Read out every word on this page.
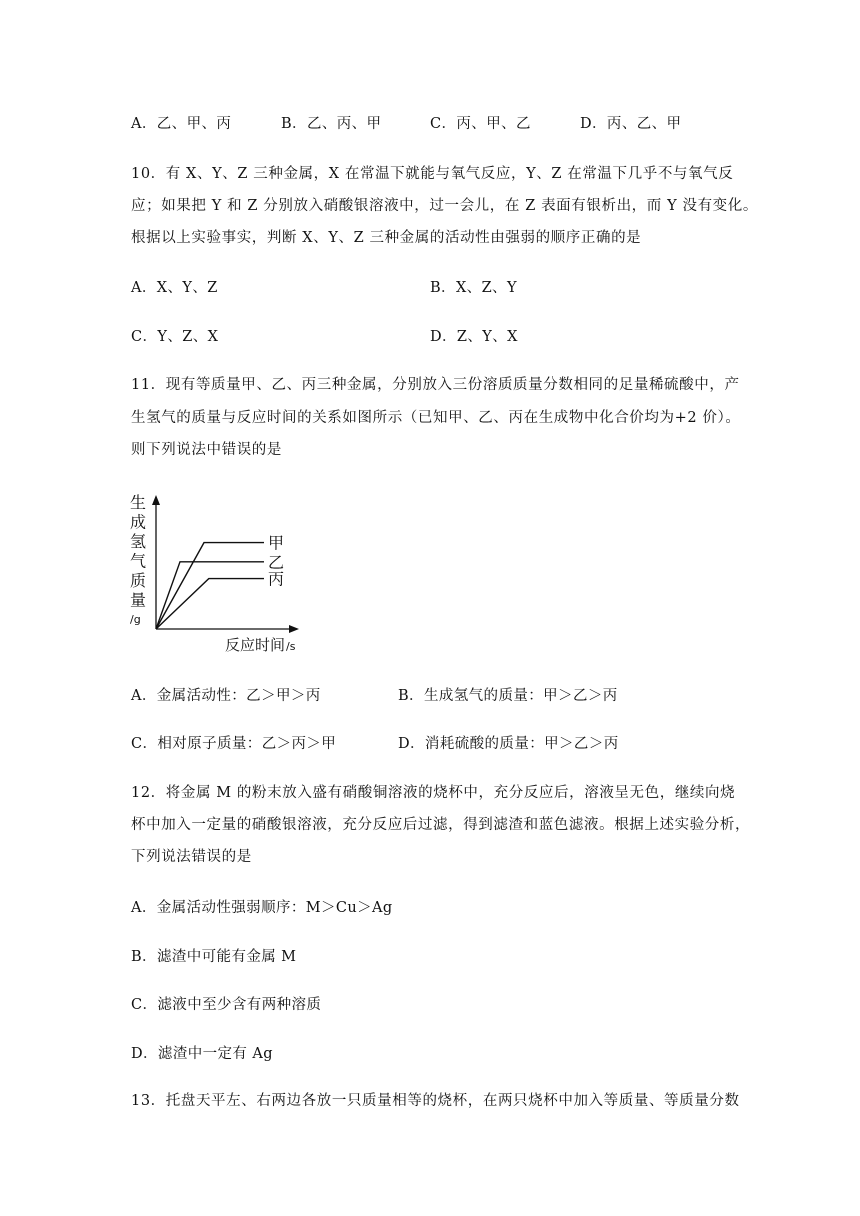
A．乙、甲、丙	B．乙、丙、甲	C．丙、甲、乙	D．丙、乙、甲
10．有 X、Y、Z 三种金属，X 在常温下就能与氧气反应，Y、Z 在常温下几乎不与氧气反
应；如果把 Y 和 Z 分别放入硝酸银溶液中，过一会儿，在 Z 表面有银析出，而 Y 没有变化。
根据以上实验事实，判断 X、Y、Z 三种金属的活动性由强弱的顺序正确的是
A．X、Y、Z	B．X、Z、Y
C．Y、Z、X	D．Z、Y、X
11．现有等质量甲、乙、丙三种金属，分别放入三份溶质质量分数相同的足量稀硫酸中，产
生氢气的质量与反应时间的关系如图所示（已知甲、乙、丙在生成物中化合价均为+2 价）。
则下列说法中错误的是
生
成
氢
气
质
量
/g
甲
乙
丙
反应时间 /s
A．金属活动性：乙＞甲＞丙	B．生成氢气的质量：甲＞乙＞丙
C．相对原子质量：乙＞丙＞甲	D．消耗硫酸的质量：甲＞乙＞丙
12．将金属 M 的粉末放入盛有硝酸铜溶液的烧杯中，充分反应后，溶液呈无色，继续向烧
杯中加入一定量的硝酸银溶液，充分反应后过滤，得到滤渣和蓝色滤液。根据上述实验分析，
下列说法错误的是
A．金属活动性强弱顺序：M＞Cu＞Ag
B．滤渣中可能有金属 M
C．滤液中至少含有两种溶质
D．滤渣中一定有 Ag
13．托盘天平左、右两边各放一只质量相等的烧杯，在两只烧杯中加入等质量、等质量分数
